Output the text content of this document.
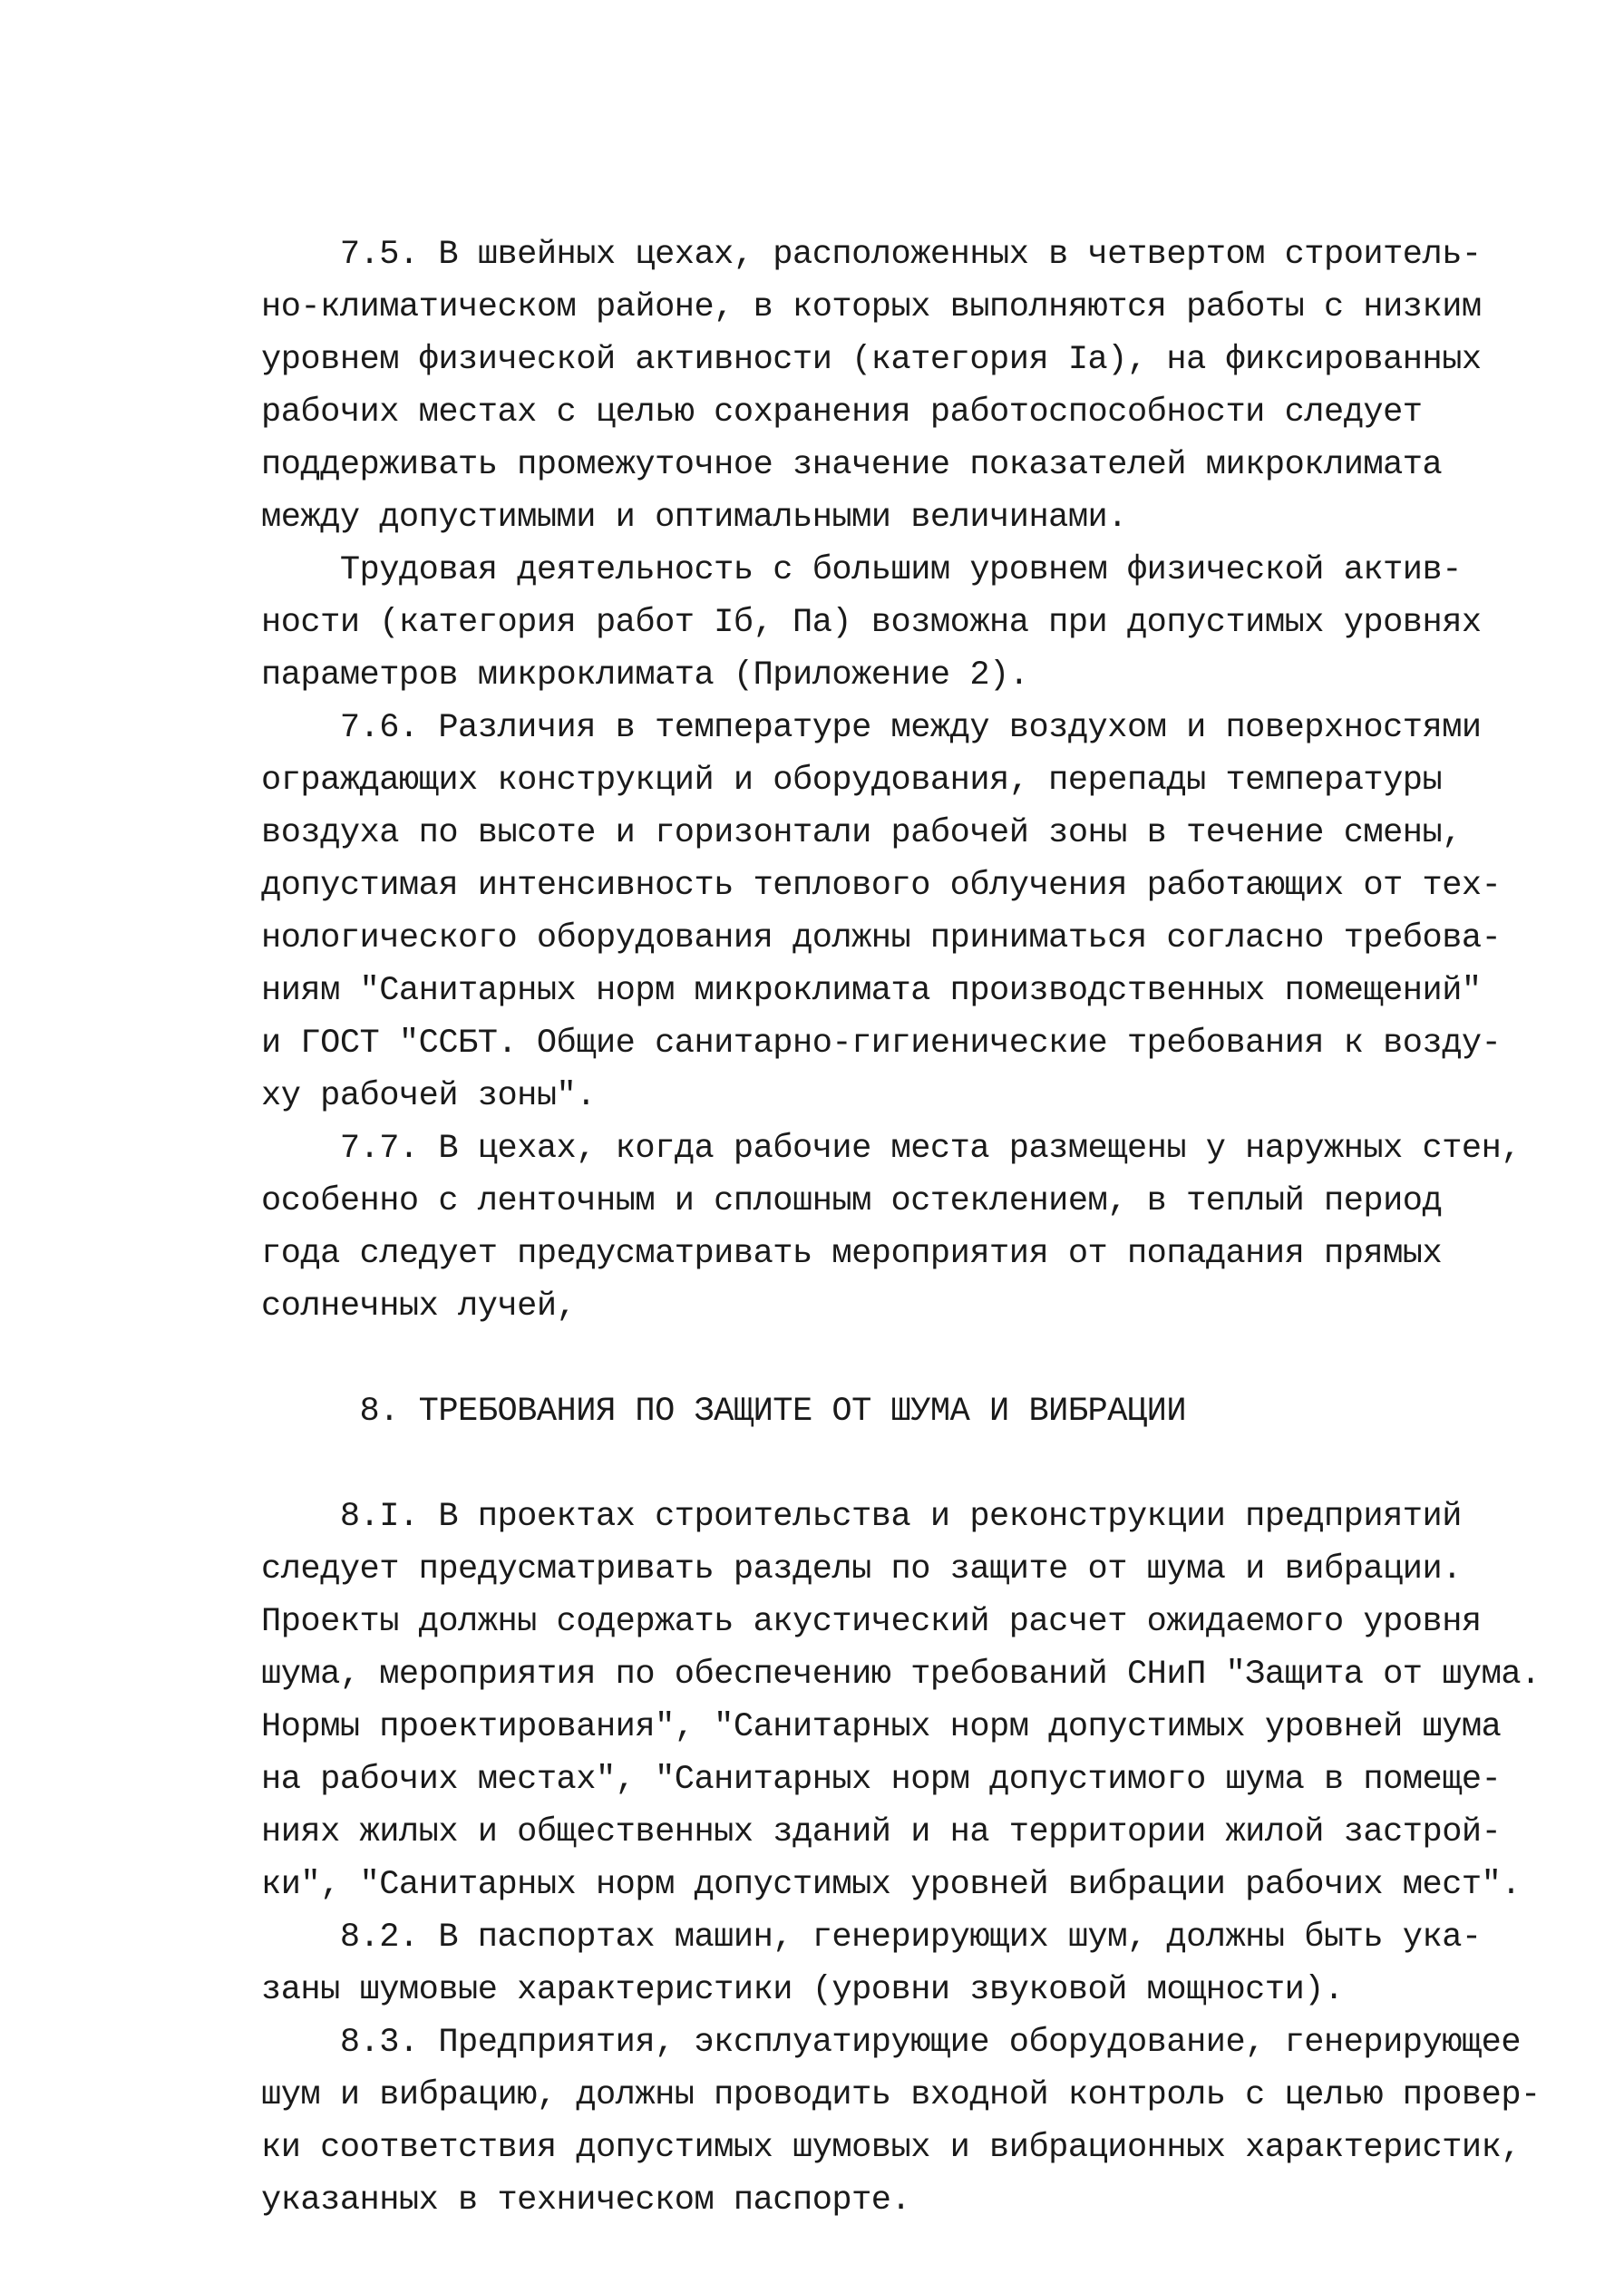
7.5. В швейных цехах, расположенных в четвертом строитель-
но-климатическом районе, в которых выполняются работы с низким
уровнем физической активности (категория Iа), на фиксированных
рабочих местах с целью сохранения работоспособности следует
поддерживать промежуточное значение показателей микроклимата
между допустимыми и оптимальными величинами.
Трудовая деятельность с большим уровнем физической актив-
ности (категория работ Iб, Па) возможна при допустимых уровнях
параметров микроклимата (Приложение 2).
7.6. Различия в температуре между воздухом и поверхностями
ограждающих конструкций и оборудования, перепады температуры
воздуха по высоте и горизонтали рабочей зоны в течение смены,
допустимая интенсивность теплового облучения работающих от тех-
нологического оборудования должны приниматься согласно требова-
ниям "Санитарных норм микроклимата производственных помещений"
и ГОСТ "ССБТ. Общие санитарно-гигиенические требования к возду-
ху рабочей зоны".
7.7. В цехах, когда рабочие места размещены у наружных стен,
особенно с ленточным и сплошным остеклением, в теплый период
года следует предусматривать мероприятия от попадания прямых
солнечных лучей,
8. ТРЕБОВАНИЯ ПО ЗАЩИТЕ ОТ ШУМА И ВИБРАЦИИ
8.I. В проектах строительства и реконструкции предприятий
следует предусматривать разделы по защите от шума и вибрации.
Проекты должны содержать акустический расчет ожидаемого уровня
шума, мероприятия по обеспечению требований СНиП "Защита от шума.
Нормы проектирования", "Санитарных норм допустимых уровней шума
на рабочих местах", "Санитарных норм допустимого шума в помеще-
ниях жилых и общественных зданий и на территории жилой застрой-
ки", "Санитарных норм допустимых уровней вибрации рабочих мест".
8.2. В паспортах машин, генерирующих шум, должны быть ука-
заны шумовые характеристики (уровни звуковой мощности).
8.3. Предприятия, эксплуатирующие оборудование, генерирующее
шум и вибрацию, должны проводить входной контроль с целью провер-
ки соответствия допустимых шумовых и вибрационных характеристик,
указанных в техническом паспорте.
